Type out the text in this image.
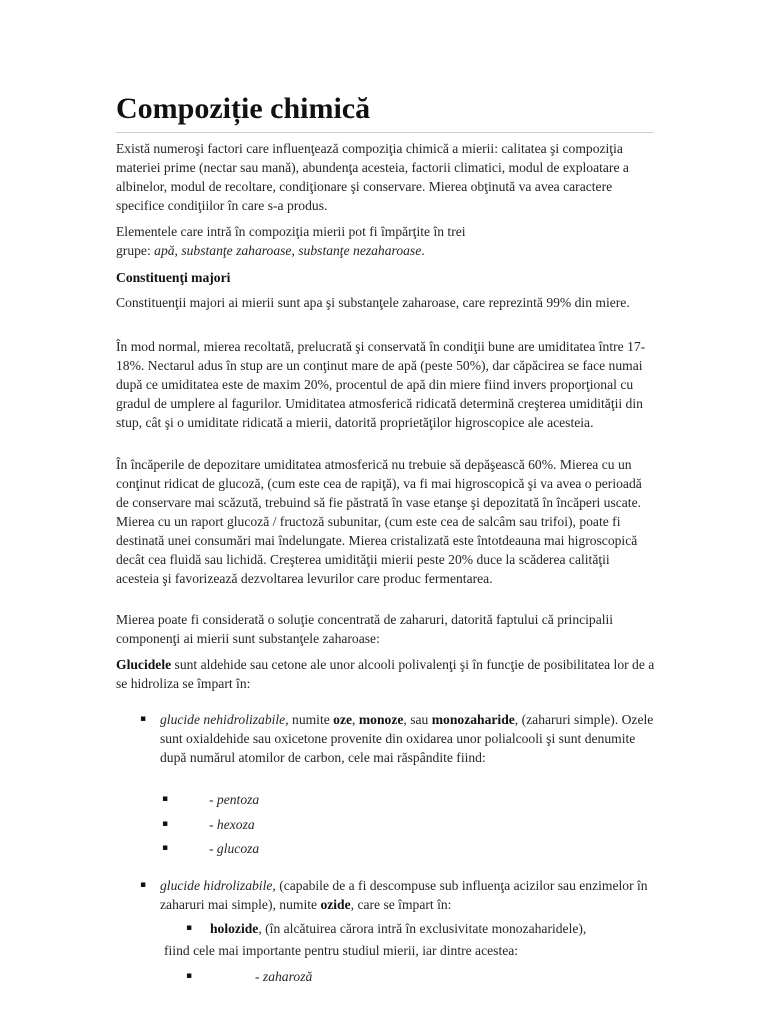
Compoziție chimică

Există numeroşi factori care influenţează compoziţia chimică a mierii: calitatea şi compoziţia materiei prime (nectar sau mană), abundenţa acesteia, factorii climatici, modul de exploatare a albinelor, modul de recoltare, condiţionare şi conservare. Mierea obţinută va avea caractere specifice condiţiilor în care s-a produs.

Elementele care intră în compoziţia mierii pot fi împărţite în trei grupe: apă, substanţe zaharoase, substanţe nezaharoase.

Constituenţi majori

Constituenţii majori ai mierii sunt apa şi substanţele zaharoase, care reprezintă 99% din miere.

În mod normal, mierea recoltată, prelucrată şi conservată în condiţii bune are umiditatea între 17-18%. Nectarul adus în stup are un conţinut mare de apă (peste 50%), dar căpăcirea se face numai după ce umiditatea este de maxim 20%, procentul de apă din miere fiind invers proporţional cu gradul de umplere al fagurilor. Umiditatea atmosferică ridicată determină creşterea umidităţii din stup, cât şi o umiditate ridicată a mierii, datorită proprietăţilor higroscopice ale acesteia.

În încăperile de depozitare umiditatea atmosferică nu trebuie să depăşească 60%. Mierea cu un conţinut ridicat de glucoză, (cum este cea de rapiţă), va fi mai higroscopică şi va avea o perioadă de conservare mai scăzută, trebuind să fie păstrată în vase etanşe şi depozitată în încăperi uscate. Mierea cu un raport glucoză / fructoză subunitar, (cum este cea de salcâm sau trifoi), poate fi destinată unei consumări mai îndelungate. Mierea cristalizată este întotdeauna mai higroscopică decât cea fluidă sau lichidă. Creşterea umidităţii mierii peste 20% duce la scăderea calităţii acesteia şi favorizează dezvoltarea levurilor care produc fermentarea.

Mierea poate fi considerată o soluţie concentrată de zaharuri, datorită faptului că principalii componenţi ai mierii sunt substanţele zaharoase:

Glucidele sunt aldehide sau cetone ale unor alcooli polivalenţi şi în funcţie de posibilitatea lor de a se hidroliza se împart în:

▪ glucide nehidrolizabile, numite oze, monoze, sau monozaharide, (zaharuri simple). Ozele sunt oxialdehide sau oxicetone provenite din oxidarea unor polialcooli şi sunt denumite după numărul atomilor de carbon, cele mai răspândite fiind:

▪	- pentoza
▪	- hexoza
▪	- glucoza
▪ glucide hidrolizabile, (capabile de a fi descompuse sub influenţa acizilor sau enzimelor în zaharuri mai simple), numite ozide, care se împart în:

▪ holozide, (în alcătuirea cărora intră în exclusivitate monozaharidele),

fiind cele mai importante pentru studiul mierii, iar dintre acestea:

▪	- zaharoză
